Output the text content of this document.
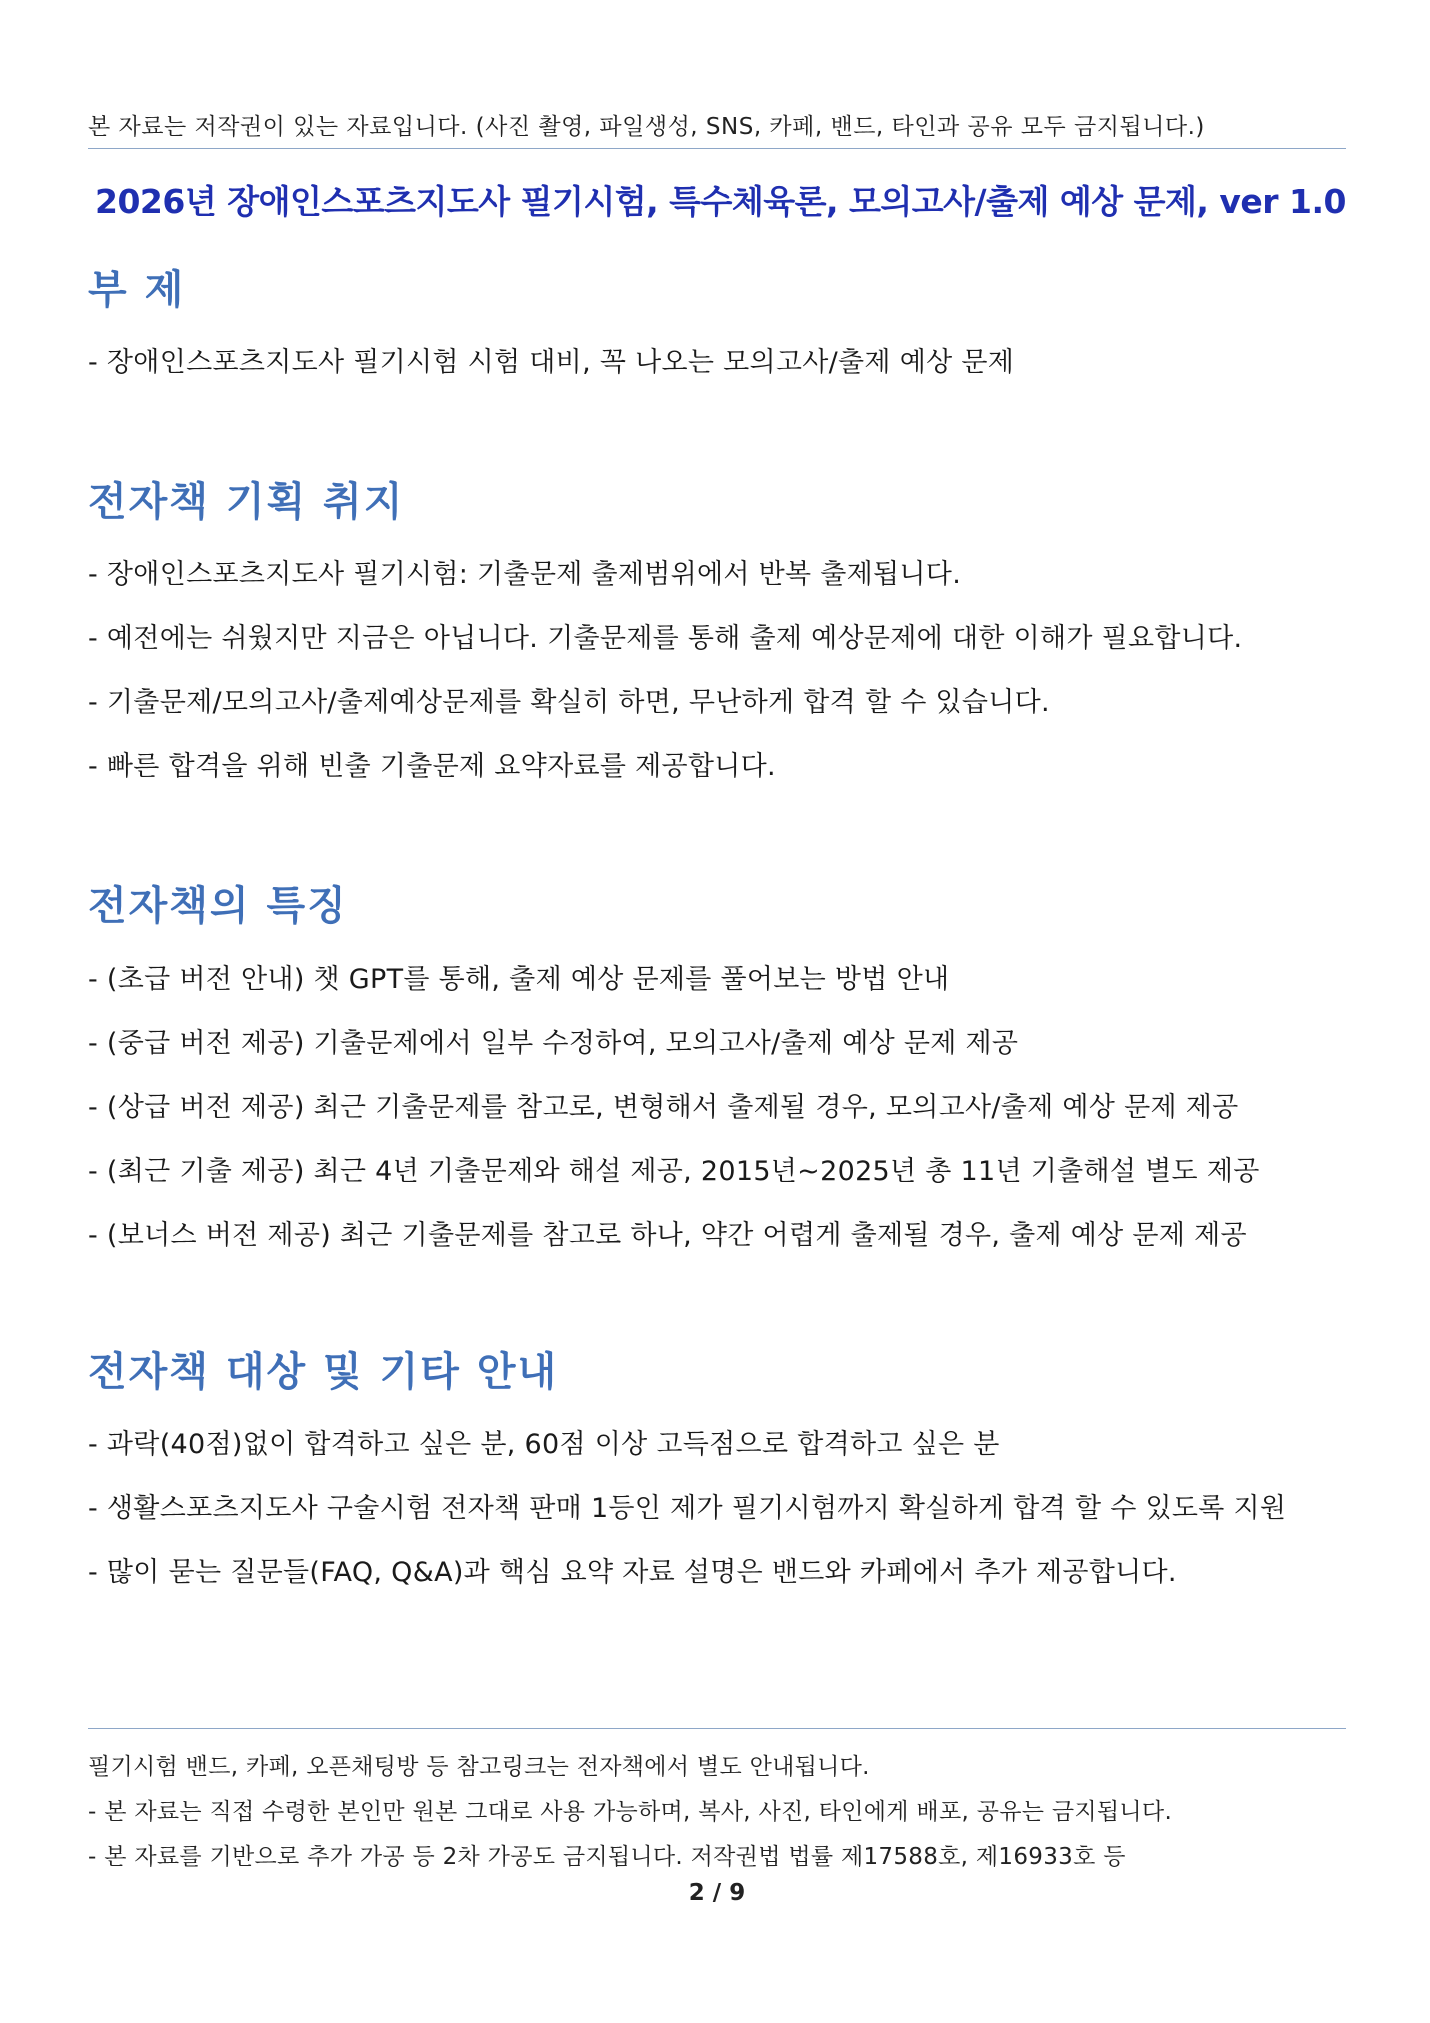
본 자료는 저작권이 있는 자료입니다. (사진 촬영, 파일생성, SNS, 카페, 밴드, 타인과 공유 모두 금지됩니다.)
2026년 장애인스포츠지도사 필기시험, 특수체육론, 모의고사/출제 예상 문제, ver 1.0
부 제
- 장애인스포츠지도사 필기시험 시험 대비, 꼭 나오는 모의고사/출제 예상 문제
전자책 기획 취지
- 장애인스포츠지도사 필기시험: 기출문제 출제범위에서 반복 출제됩니다.
- 예전에는 쉬웠지만 지금은 아닙니다. 기출문제를 통해 출제 예상문제에 대한 이해가 필요합니다.
- 기출문제/모의고사/출제예상문제를 확실히 하면, 무난하게 합격 할 수 있습니다.
- 빠른 합격을 위해 빈출 기출문제 요약자료를 제공합니다.
전자책의 특징
- (초급 버전 안내) 챗 GPT를 통해, 출제 예상 문제를 풀어보는 방법 안내
- (중급 버전 제공) 기출문제에서 일부 수정하여, 모의고사/출제 예상 문제 제공
- (상급 버전 제공) 최근 기출문제를 참고로, 변형해서 출제될 경우, 모의고사/출제 예상 문제 제공
- (최근 기출 제공) 최근 4년 기출문제와 해설 제공, 2015년~2025년 총 11년 기출해설 별도 제공
- (보너스 버전 제공) 최근 기출문제를 참고로 하나, 약간 어렵게 출제될 경우, 출제 예상 문제 제공
전자책 대상 및 기타 안내
- 과락(40점)없이 합격하고 싶은 분, 60점 이상 고득점으로 합격하고 싶은 분
- 생활스포츠지도사 구술시험 전자책 판매 1등인 제가 필기시험까지 확실하게 합격 할 수 있도록 지원
- 많이 묻는 질문들(FAQ, Q&A)과 핵심 요약 자료 설명은 밴드와 카페에서 추가 제공합니다.
필기시험 밴드, 카페, 오픈채팅방 등 참고링크는 전자책에서 별도 안내됩니다.
- 본 자료는 직접 수령한 본인만 원본 그대로 사용 가능하며, 복사, 사진, 타인에게 배포, 공유는 금지됩니다.
- 본 자료를 기반으로 추가 가공 등 2차 가공도 금지됩니다. 저작권법 법률 제17588호, 제16933호 등
2 / 9
